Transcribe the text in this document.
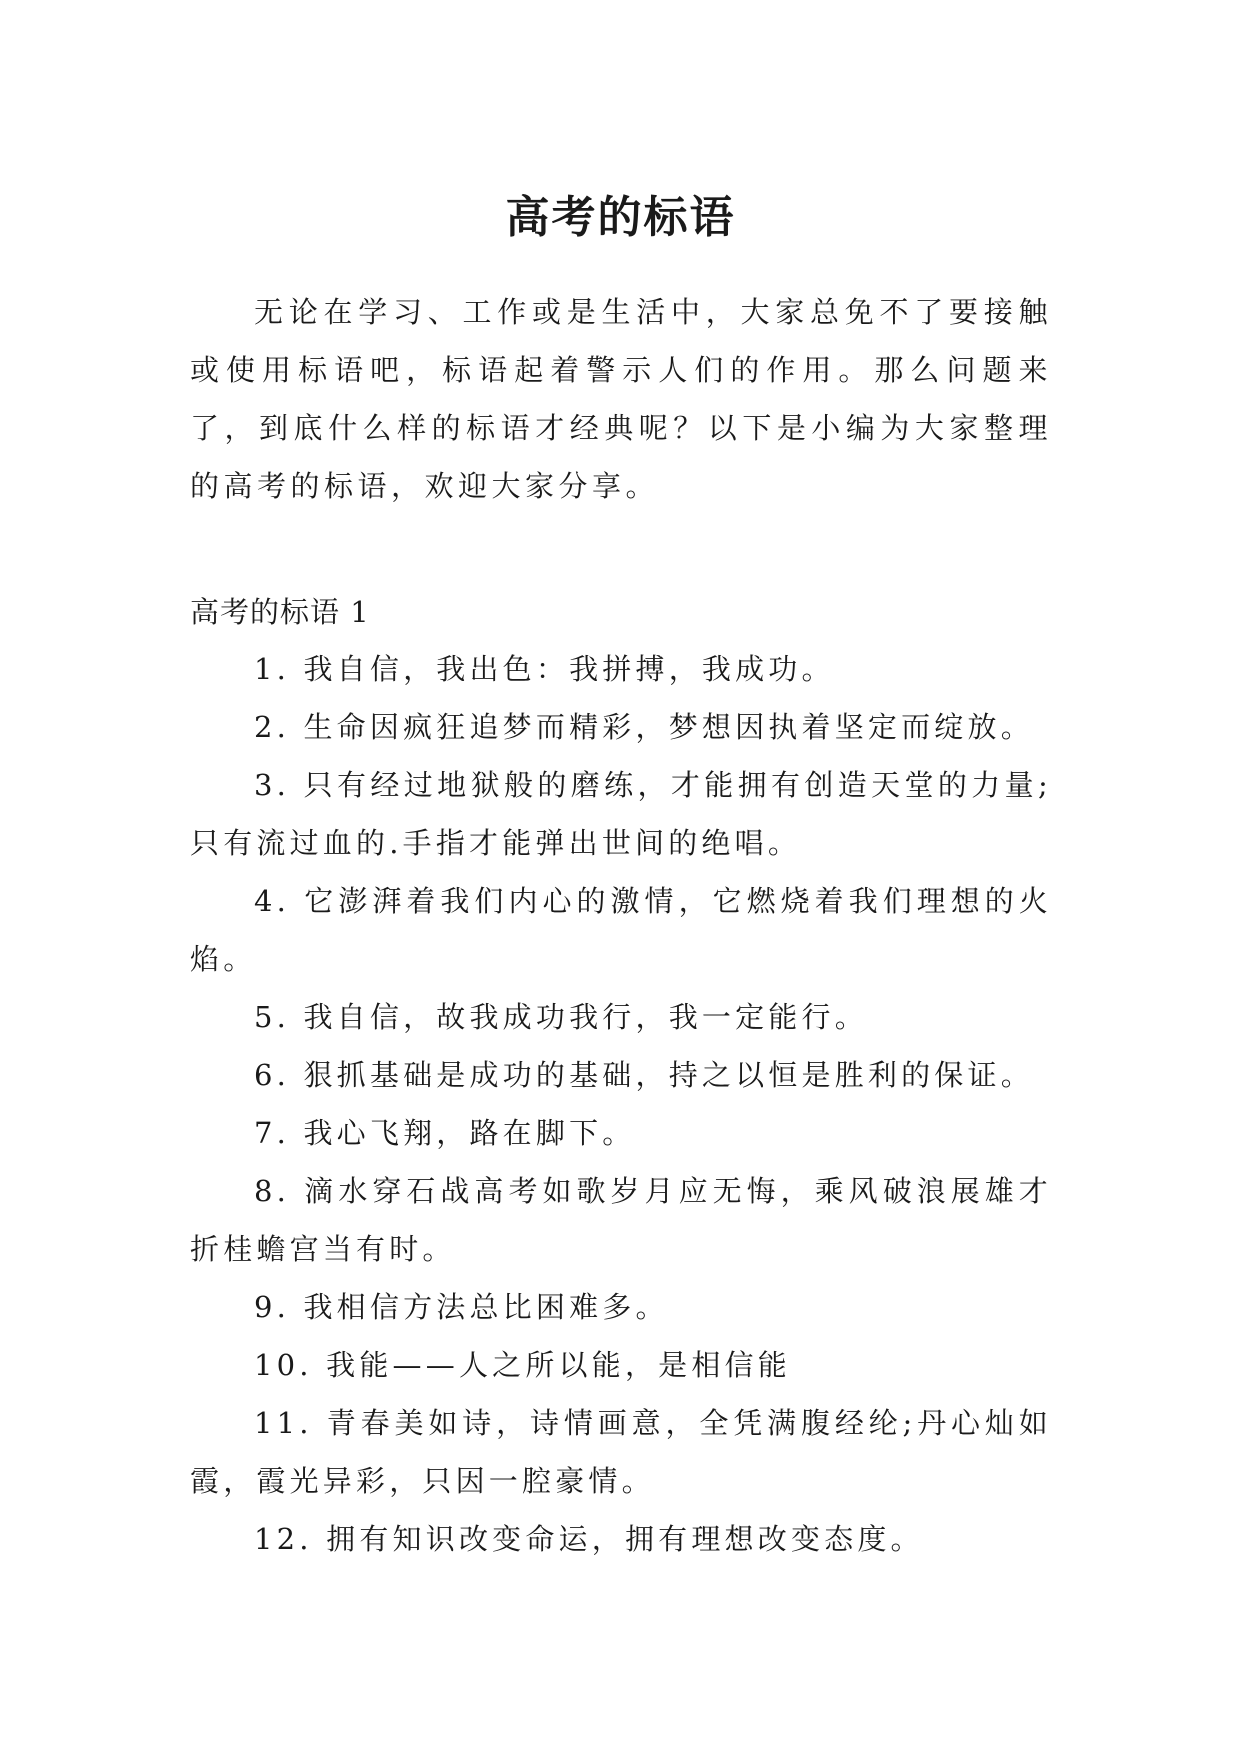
高考的标语

无论在学习、工作或是生活中，大家总免不了要接触或使用标语吧，标语起着警示人们的作用。那么问题来了，到底什么样的标语才经典呢？以下是小编为大家整理的高考的标语，欢迎大家分享。

高考的标语 1

1. 我自信，我出色：我拼搏，我成功。
2. 生命因疯狂追梦而精彩，梦想因执着坚定而绽放。
3. 只有经过地狱般的磨练，才能拥有创造天堂的力量;只有流过血的.手指才能弹出世间的绝唱。
4. 它澎湃着我们内心的激情，它燃烧着我们理想的火焰。
5. 我自信，故我成功我行，我一定能行。
6. 狠抓基础是成功的基础，持之以恒是胜利的保证。
7. 我心飞翔，路在脚下。
8. 滴水穿石战高考如歌岁月应无悔，乘风破浪展雄才折桂蟾宫当有时。
9. 我相信方法总比困难多。
10. 我能——人之所以能，是相信能
11. 青春美如诗，诗情画意，全凭满腹经纶;丹心灿如霞，霞光异彩，只因一腔豪情。
12. 拥有知识改变命运，拥有理想改变态度。
